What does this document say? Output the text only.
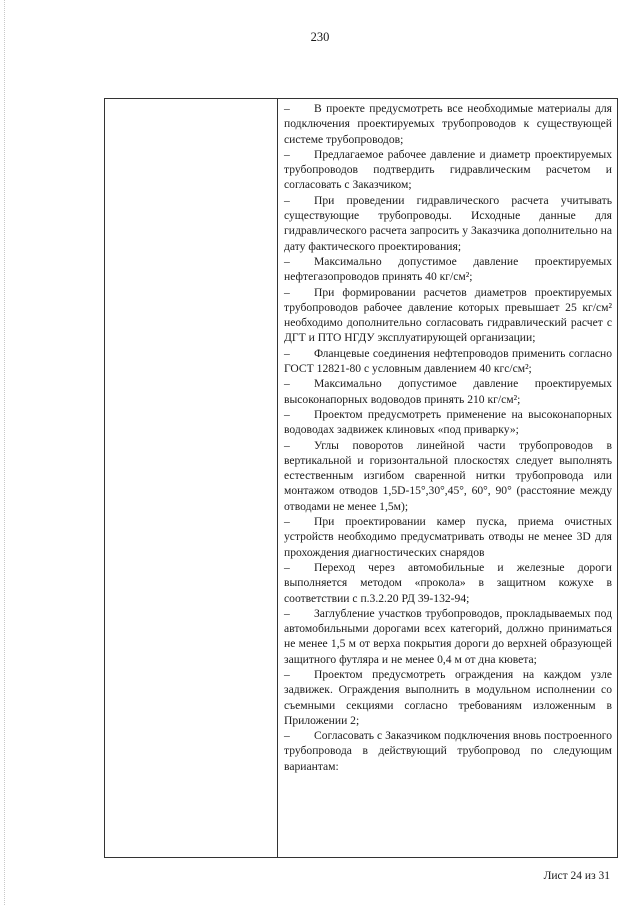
230

– В проекте предусмотреть все необходимые материалы для подключения проектируемых трубопроводов к существующей системе трубопроводов;

– Предлагаемое рабочее давление и диаметр проектируемых трубопроводов подтвердить гидравлическим расчетом и согласовать с Заказчиком;

– При проведении гидравлического расчета учитывать существующие трубопроводы. Исходные данные для гидравлического расчета запросить у Заказчика дополнительно на дату фактического проектирования;

– Максимально допустимое давление проектируемых нефтегазопроводов принять 40 кг/см²;

– При формировании расчетов диаметров проектируемых трубопроводов рабочее давление которых превышает 25 кг/см² необходимо дополнительно согласовать гидравлический расчет с ДГТ и ПТО НГДУ эксплуатирующей организации;

– Фланцевые соединения нефтепроводов применить согласно ГОСТ 12821-80 с условным давлением 40 кгс/см²;

– Максимально допустимое давление проектируемых высоконапорных водоводов принять 210 кг/см²;

– Проектом предусмотреть применение на высоконапорных водоводах задвижек клиновых «под приварку»;

– Углы поворотов линейной части трубопроводов в вертикальной и горизонтальной плоскостях следует выполнять естественным изгибом сваренной нитки трубопровода или монтажом отводов 1,5D-15°,30°,45°, 60°, 90° (расстояние между отводами не менее 1,5м);

– При проектировании камер пуска, приема очистных устройств необходимо предусматривать отводы не менее 3D для прохождения диагностических снарядов

– Переход через автомобильные и железные дороги выполняется методом «прокола» в защитном кожухе в соответствии с п.3.2.20 РД 39-132-94;

– Заглубление участков трубопроводов, прокладываемых под автомобильными дорогами всех категорий, должно приниматься не менее 1,5 м от верха покрытия дороги до верхней образующей защитного футляра и не менее 0,4 м от дна кювета;

– Проектом предусмотреть ограждения на каждом узле задвижек. Ограждения выполнить в модульном исполнении со съемными секциями согласно требованиям изложенным в Приложении 2;

– Согласовать с Заказчиком подключения вновь построенного трубопровода в действующий трубопровод по следующим вариантам:

Лист 24 из 31
